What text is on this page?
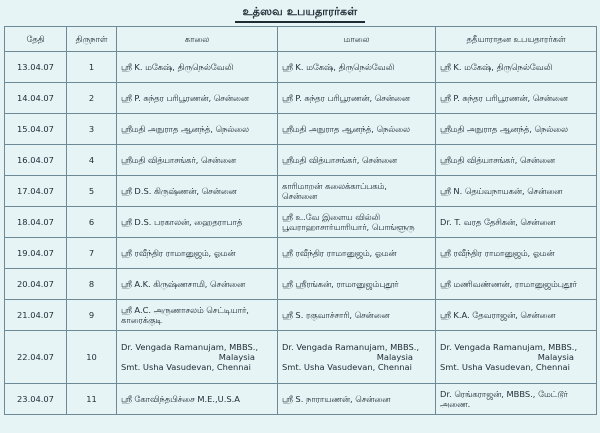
உத்ஸவ உபயதாரர்கள்
தேதி	திருநாள்	காலை	மாலை	ததீயாராதன உபயதாரர்கள்
13.04.07	1	ஸ்ரீ K. மகேஷ், திருநெல்வேலி	ஸ்ரீ K. மகேஷ், திருநெல்வேலி	ஸ்ரீ K. மகேஷ், திருநெல்வேலி
14.04.07	2	ஸ்ரீ P. சுந்தர பரிபூரணன், சென்னை	ஸ்ரீ P. சுந்தர பரிபூரணன், சென்னை	ஸ்ரீ P. சுந்தர பரிபூரணன், சென்னை
15.04.07	3	ஸ்ரீமதி அநுராத ஆனந்த், நெல்லை	ஸ்ரீமதி அநுராத ஆனந்த், நெல்லை	ஸ்ரீமதி அநுராத ஆனந்த், நெல்லை
16.04.07	4	ஸ்ரீமதி வித்யாசங்கர், சென்னை	ஸ்ரீமதி வித்யாசங்கர், சென்னை	ஸ்ரீமதி வித்யாசங்கர், சென்னை
17.04.07	5	ஸ்ரீ D.S. கிருஷ்ணன், சென்னை	காரிமாறன் கலைக்காப்பகம்,
சென்னை	ஸ்ரீ N. தெய்வநாயகன், சென்னை
18.04.07	6	ஸ்ரீ D.S. பரகாலன், ஹைதராபாத்	ஸ்ரீ உ.வே இளைய வில்லி
பூவராஹாசார்யாரியார், பொங்ளூரு	Dr. T. வரத தேசிகன், சென்னை
19.04.07	7	ஸ்ரீ ரவீந்திர ராமானுஜம், ஓமன்	ஸ்ரீ ரவீந்திர ராமானுஜம், ஓமன்	ஸ்ரீ ரவீந்திர ராமானுஜம், ஓமன்
20.04.07	8	ஸ்ரீ A.K. கிருஷ்ணசாமி, சென்னை	ஸ்ரீ ஸ்ரீரங்கன், ராமானுஜம்புதூர்	ஸ்ரீ மணிவண்ணன், ராமானுஜம்புதூர்
21.04.07	9	ஸ்ரீ A.C. அருணாசலம் செட்டியார்,
காரைக்குடி	ஸ்ரீ S. ரகுவாச்சாரி, சென்னை	ஸ்ரீ K.A. தேவராஜன், சென்னை
22.04.07	10	Dr. Vengada Ramanujam, MBBS.,
Malaysia
Smt. Usha Vasudevan, Chennai	Dr. Vengada Ramanujam, MBBS.,
Malaysia
Smt. Usha Vasudevan, Chennai	Dr. Vengada Ramanujam, MBBS.,
Malaysia
Smt. Usha Vasudevan, Chennai

23.04.07	11	ஸ்ரீ கோவிந்தபிச்சை M.E.,U.S.A	ஸ்ரீ S. நாராயணன், சென்னை	Dr. ரெங்கராஜன், MBBS., மேட்டூர் அணை.
